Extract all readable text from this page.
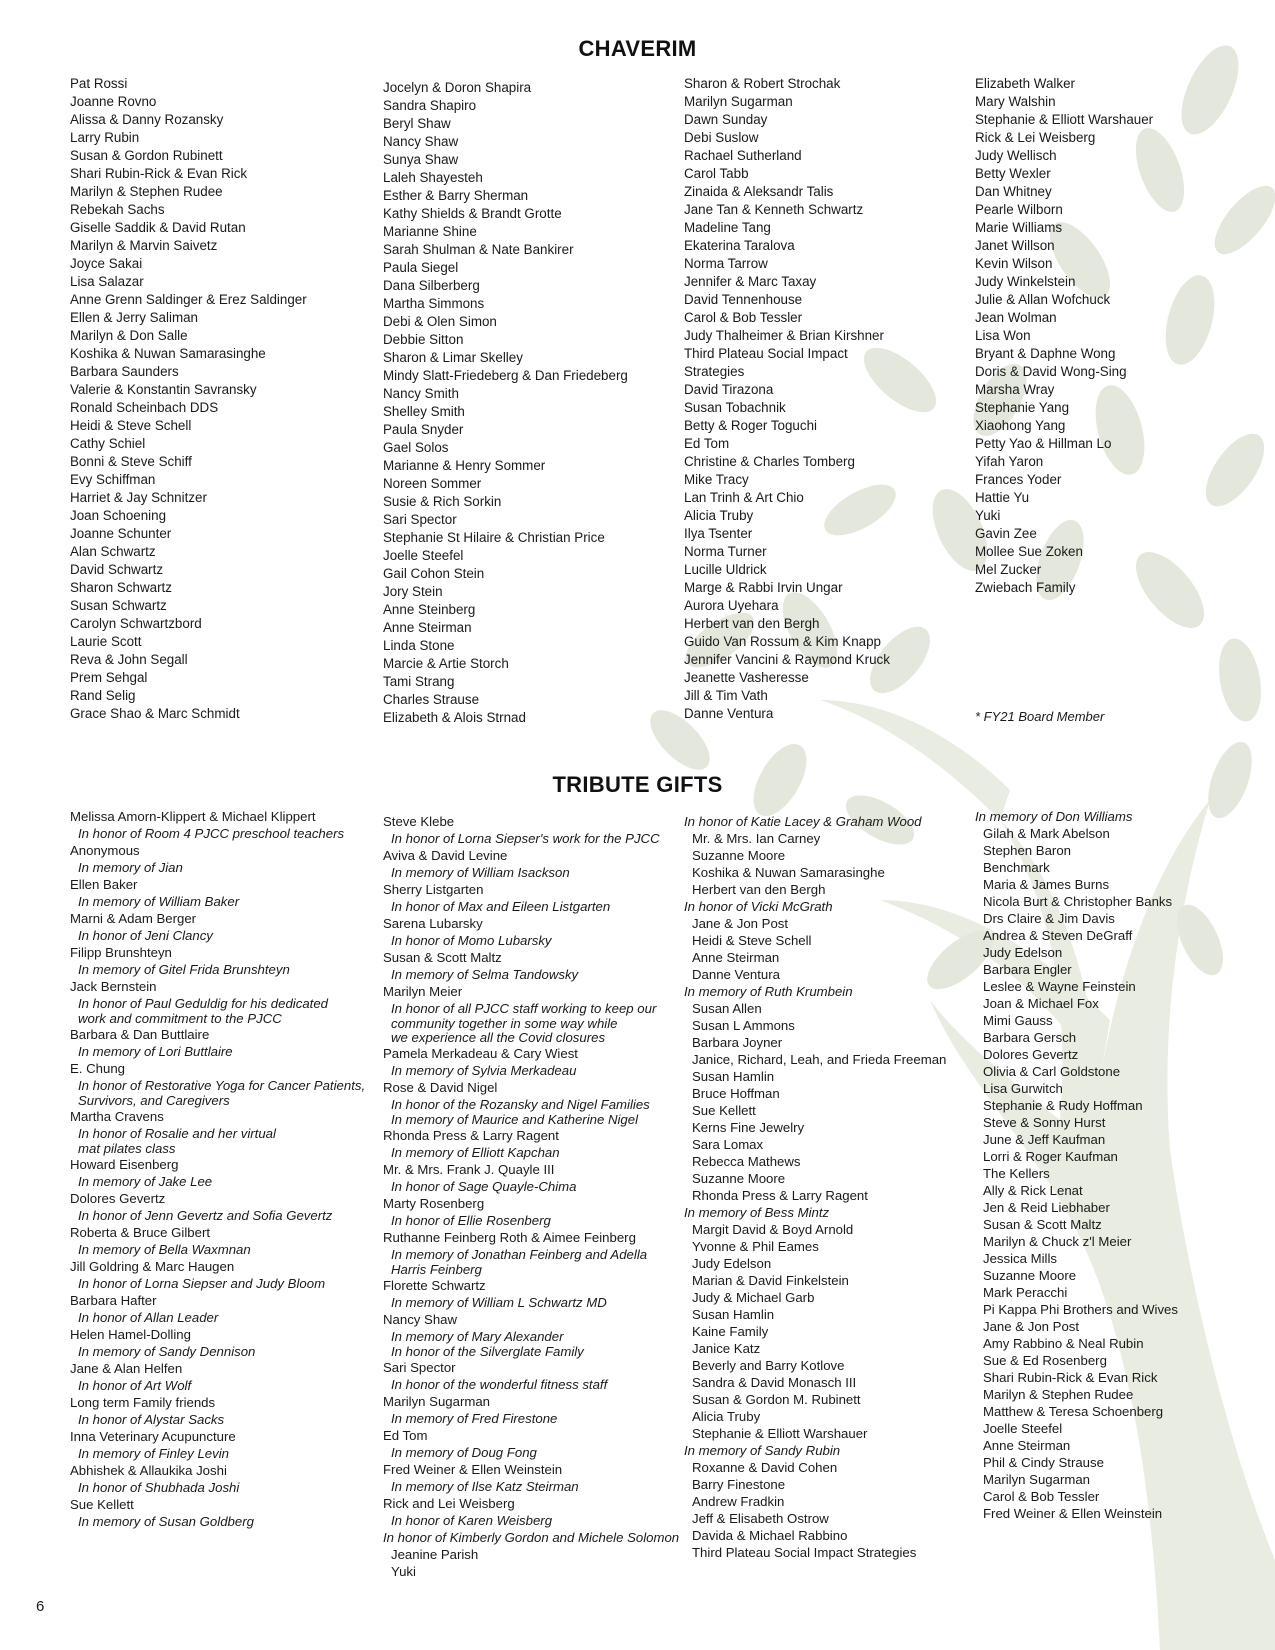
CHAVERIM
Pat Rossi
Joanne Rovno
Alissa & Danny Rozansky
Larry Rubin
Susan & Gordon Rubinett
Shari Rubin-Rick & Evan Rick
Marilyn & Stephen Rudee
Rebekah Sachs
Giselle Saddik & David Rutan
Marilyn & Marvin Saivetz
Joyce Sakai
Lisa Salazar
Anne Grenn Saldinger & Erez Saldinger
Ellen & Jerry Saliman
Marilyn & Don Salle
Koshika & Nuwan Samarasinghe
Barbara Saunders
Valerie & Konstantin Savransky
Ronald Scheinbach DDS
Heidi & Steve Schell
Cathy Schiel
Bonni & Steve Schiff
Evy Schiffman
Harriet & Jay Schnitzer
Joan Schoening
Joanne Schunter
Alan Schwartz
David Schwartz
Sharon Schwartz
Susan Schwartz
Carolyn Schwartzbord
Laurie Scott
Reva & John Segall
Prem Sehgal
Rand Selig
Grace Shao & Marc Schmidt
Jocelyn & Doron Shapira
Sandra Shapiro
Beryl Shaw
Nancy Shaw
Sunya Shaw
Laleh Shayesteh
Esther & Barry Sherman
Kathy Shields & Brandt Grotte
Marianne Shine
Sarah Shulman & Nate Bankirer
Paula Siegel
Dana Silberberg
Martha Simmons
Debi & Olen Simon
Debbie Sitton
Sharon & Limar Skelley
Mindy Slatt-Friedeberg & Dan Friedeberg
Nancy Smith
Shelley Smith
Paula Snyder
Gael Solos
Marianne & Henry Sommer
Noreen Sommer
Susie & Rich Sorkin
Sari Spector
Stephanie St Hilaire & Christian Price
Joelle Steefel
Gail Cohon Stein
Jory Stein
Anne Steinberg
Anne Steirman
Linda Stone
Marcie & Artie Storch
Tami Strang
Charles Strause
Elizabeth & Alois Strnad
Sharon & Robert Strochak
Marilyn Sugarman
Dawn Sunday
Debi Suslow
Rachael Sutherland
Carol Tabb
Zinaida & Aleksandr Talis
Jane Tan & Kenneth Schwartz
Madeline Tang
Ekaterina Taralova
Norma Tarrow
Jennifer & Marc Taxay
David Tennenhouse
Carol & Bob Tessler
Judy Thalheimer & Brian Kirshner
Third Plateau Social Impact
Strategies
David Tirazona
Susan Tobachnik
Betty & Roger Toguchi
Ed Tom
Christine & Charles Tomberg
Mike Tracy
Lan Trinh & Art Chio
Alicia Truby
Ilya Tsenter
Norma Turner
Lucille Uldrick
Marge & Rabbi Irvin Ungar
Aurora Uyehara
Herbert van den Bergh
Guido Van Rossum & Kim Knapp
Jennifer Vancini & Raymond Kruck
Jeanette Vasheresse
Jill & Tim Vath
Danne Ventura
Elizabeth Walker
Mary Walshin
Stephanie & Elliott Warshauer
Rick & Lei Weisberg
Judy Wellisch
Betty Wexler
Dan Whitney
Pearle Wilborn
Marie Williams
Janet Willson
Kevin Wilson
Judy Winkelstein
Julie & Allan Wofchuck
Jean Wolman
Lisa Won
Bryant & Daphne Wong
Doris & David Wong-Sing
Marsha Wray
Stephanie Yang
Xiaohong Yang
Petty Yao & Hillman Lo
Yifah Yaron
Frances Yoder
Hattie Yu
Yuki
Gavin Zee
Mollee Sue Zoken
Mel Zucker
Zwiebach Family
* FY21 Board Member
TRIBUTE GIFTS
Melissa Amorn-Klippert & Michael Klippert
In honor of Room 4 PJCC preschool teachers
Anonymous
In memory of Jian
Ellen Baker
In memory of William Baker
Marni & Adam Berger
In honor of Jeni Clancy
Filipp Brunshteyn
In memory of Gitel Frida Brunshteyn
Jack Bernstein
In honor of Paul Geduldig for his dedicated
work and commitment to the PJCC
Barbara & Dan Buttlaire
In memory of Lori Buttlaire
E. Chung
In honor of Restorative Yoga for Cancer Patients,
Survivors, and Caregivers
Martha Cravens
In honor of Rosalie and her virtual
mat pilates class
Howard Eisenberg
In memory of Jake Lee
Dolores Gevertz
In honor of Jenn Gevertz and Sofia Gevertz
Roberta & Bruce Gilbert
In memory of Bella Waxmnan
Jill Goldring & Marc Haugen
In honor of Lorna Siepser and Judy Bloom
Barbara Hafter
In honor of Allan Leader
Helen Hamel-Dolling
In memory of Sandy Dennison
Jane & Alan Helfen
In honor of Art Wolf
Long term Family friends
In honor of Alystar Sacks
Inna Veterinary Acupuncture
In memory of Finley Levin
Abhishek & Allaukika Joshi
In honor of Shubhada Joshi
Sue Kellett
In memory of Susan Goldberg
Steve Klebe
In honor of Lorna Siepser's work for the PJCC
Aviva & David Levine
In memory of William Isackson
Sherry Listgarten
In honor of Max and Eileen Listgarten
Sarena Lubarsky
In honor of Momo Lubarsky
Susan & Scott Maltz
In memory of Selma Tandowsky
Marilyn Meier
In honor of all PJCC staff working to keep our
community together in some way while
we experience all the Covid closures
Pamela Merkadeau & Cary Wiest
In memory of Sylvia Merkadeau
Rose & David Nigel
In honor of the Rozansky and Nigel Families
In memory of Maurice and Katherine Nigel
Rhonda Press & Larry Ragent
In memory of Elliott Kapchan
Mr. & Mrs. Frank J. Quayle III
In honor of Sage Quayle-Chima
Marty Rosenberg
In honor of Ellie Rosenberg
Ruthanne Feinberg Roth & Aimee Feinberg
In memory of Jonathan Feinberg and Adella
Harris Feinberg
Florette Schwartz
In memory of William L Schwartz MD
Nancy Shaw
In memory of Mary Alexander
In honor of the Silverglate Family
Sari Spector
In honor of the wonderful fitness staff
Marilyn Sugarman
In memory of Fred Firestone
Ed Tom
In memory of Doug Fong
Fred Weiner & Ellen Weinstein
In memory of Ilse Katz Steirman
Rick and Lei Weisberg
In honor of Karen Weisberg
In honor of Kimberly Gordon and Michele Solomon
Jeanine Parish
Yuki
In honor of Katie Lacey & Graham Wood
Mr. & Mrs. Ian Carney
Suzanne Moore
Koshika & Nuwan Samarasinghe
Herbert van den Bergh
In honor of Vicki McGrath
Jane & Jon Post
Heidi & Steve Schell
Anne Steirman
Danne Ventura
In memory of Ruth Krumbein
Susan Allen
Susan L Ammons
Barbara Joyner
Janice, Richard, Leah, and Frieda Freeman
Susan Hamlin
Bruce Hoffman
Sue Kellett
Kerns Fine Jewelry
Sara Lomax
Rebecca Mathews
Suzanne Moore
Rhonda Press & Larry Ragent
In memory of Bess Mintz
Margit David & Boyd Arnold
Yvonne & Phil Eames
Judy Edelson
Marian & David Finkelstein
Judy & Michael Garb
Susan Hamlin
Kaine Family
Janice Katz
Beverly and Barry Kotlove
Sandra & David Monasch III
Susan & Gordon M. Rubinett
Alicia Truby
Stephanie & Elliott Warshauer
In memory of Sandy Rubin
Roxanne & David Cohen
Barry Finestone
Andrew Fradkin
Jeff & Elisabeth Ostrow
Davida & Michael Rabbino
Third Plateau Social Impact Strategies
In memory of Don Williams
Gilah & Mark Abelson
Stephen Baron
Benchmark
Maria & James Burns
Nicola Burt & Christopher Banks
Drs Claire & Jim Davis
Andrea & Steven DeGraff
Judy Edelson
Barbara Engler
Leslee & Wayne Feinstein
Joan & Michael Fox
Mimi Gauss
Barbara Gersch
Dolores Gevertz
Olivia & Carl Goldstone
Lisa Gurwitch
Stephanie & Rudy Hoffman
Steve & Sonny Hurst
June & Jeff Kaufman
Lorri & Roger Kaufman
The Kellers
Ally & Rick Lenat
Jen & Reid Liebhaber
Susan & Scott Maltz
Marilyn & Chuck z'l Meier
Jessica Mills
Suzanne Moore
Mark Peracchi
Pi Kappa Phi Brothers and Wives
Jane & Jon Post
Amy Rabbino & Neal Rubin
Sue & Ed Rosenberg
Shari Rubin-Rick & Evan Rick
Marilyn & Stephen Rudee
Matthew & Teresa Schoenberg
Joelle Steefel
Anne Steirman
Phil & Cindy Strause
Marilyn Sugarman
Carol & Bob Tessler
Fred Weiner & Ellen Weinstein
6
